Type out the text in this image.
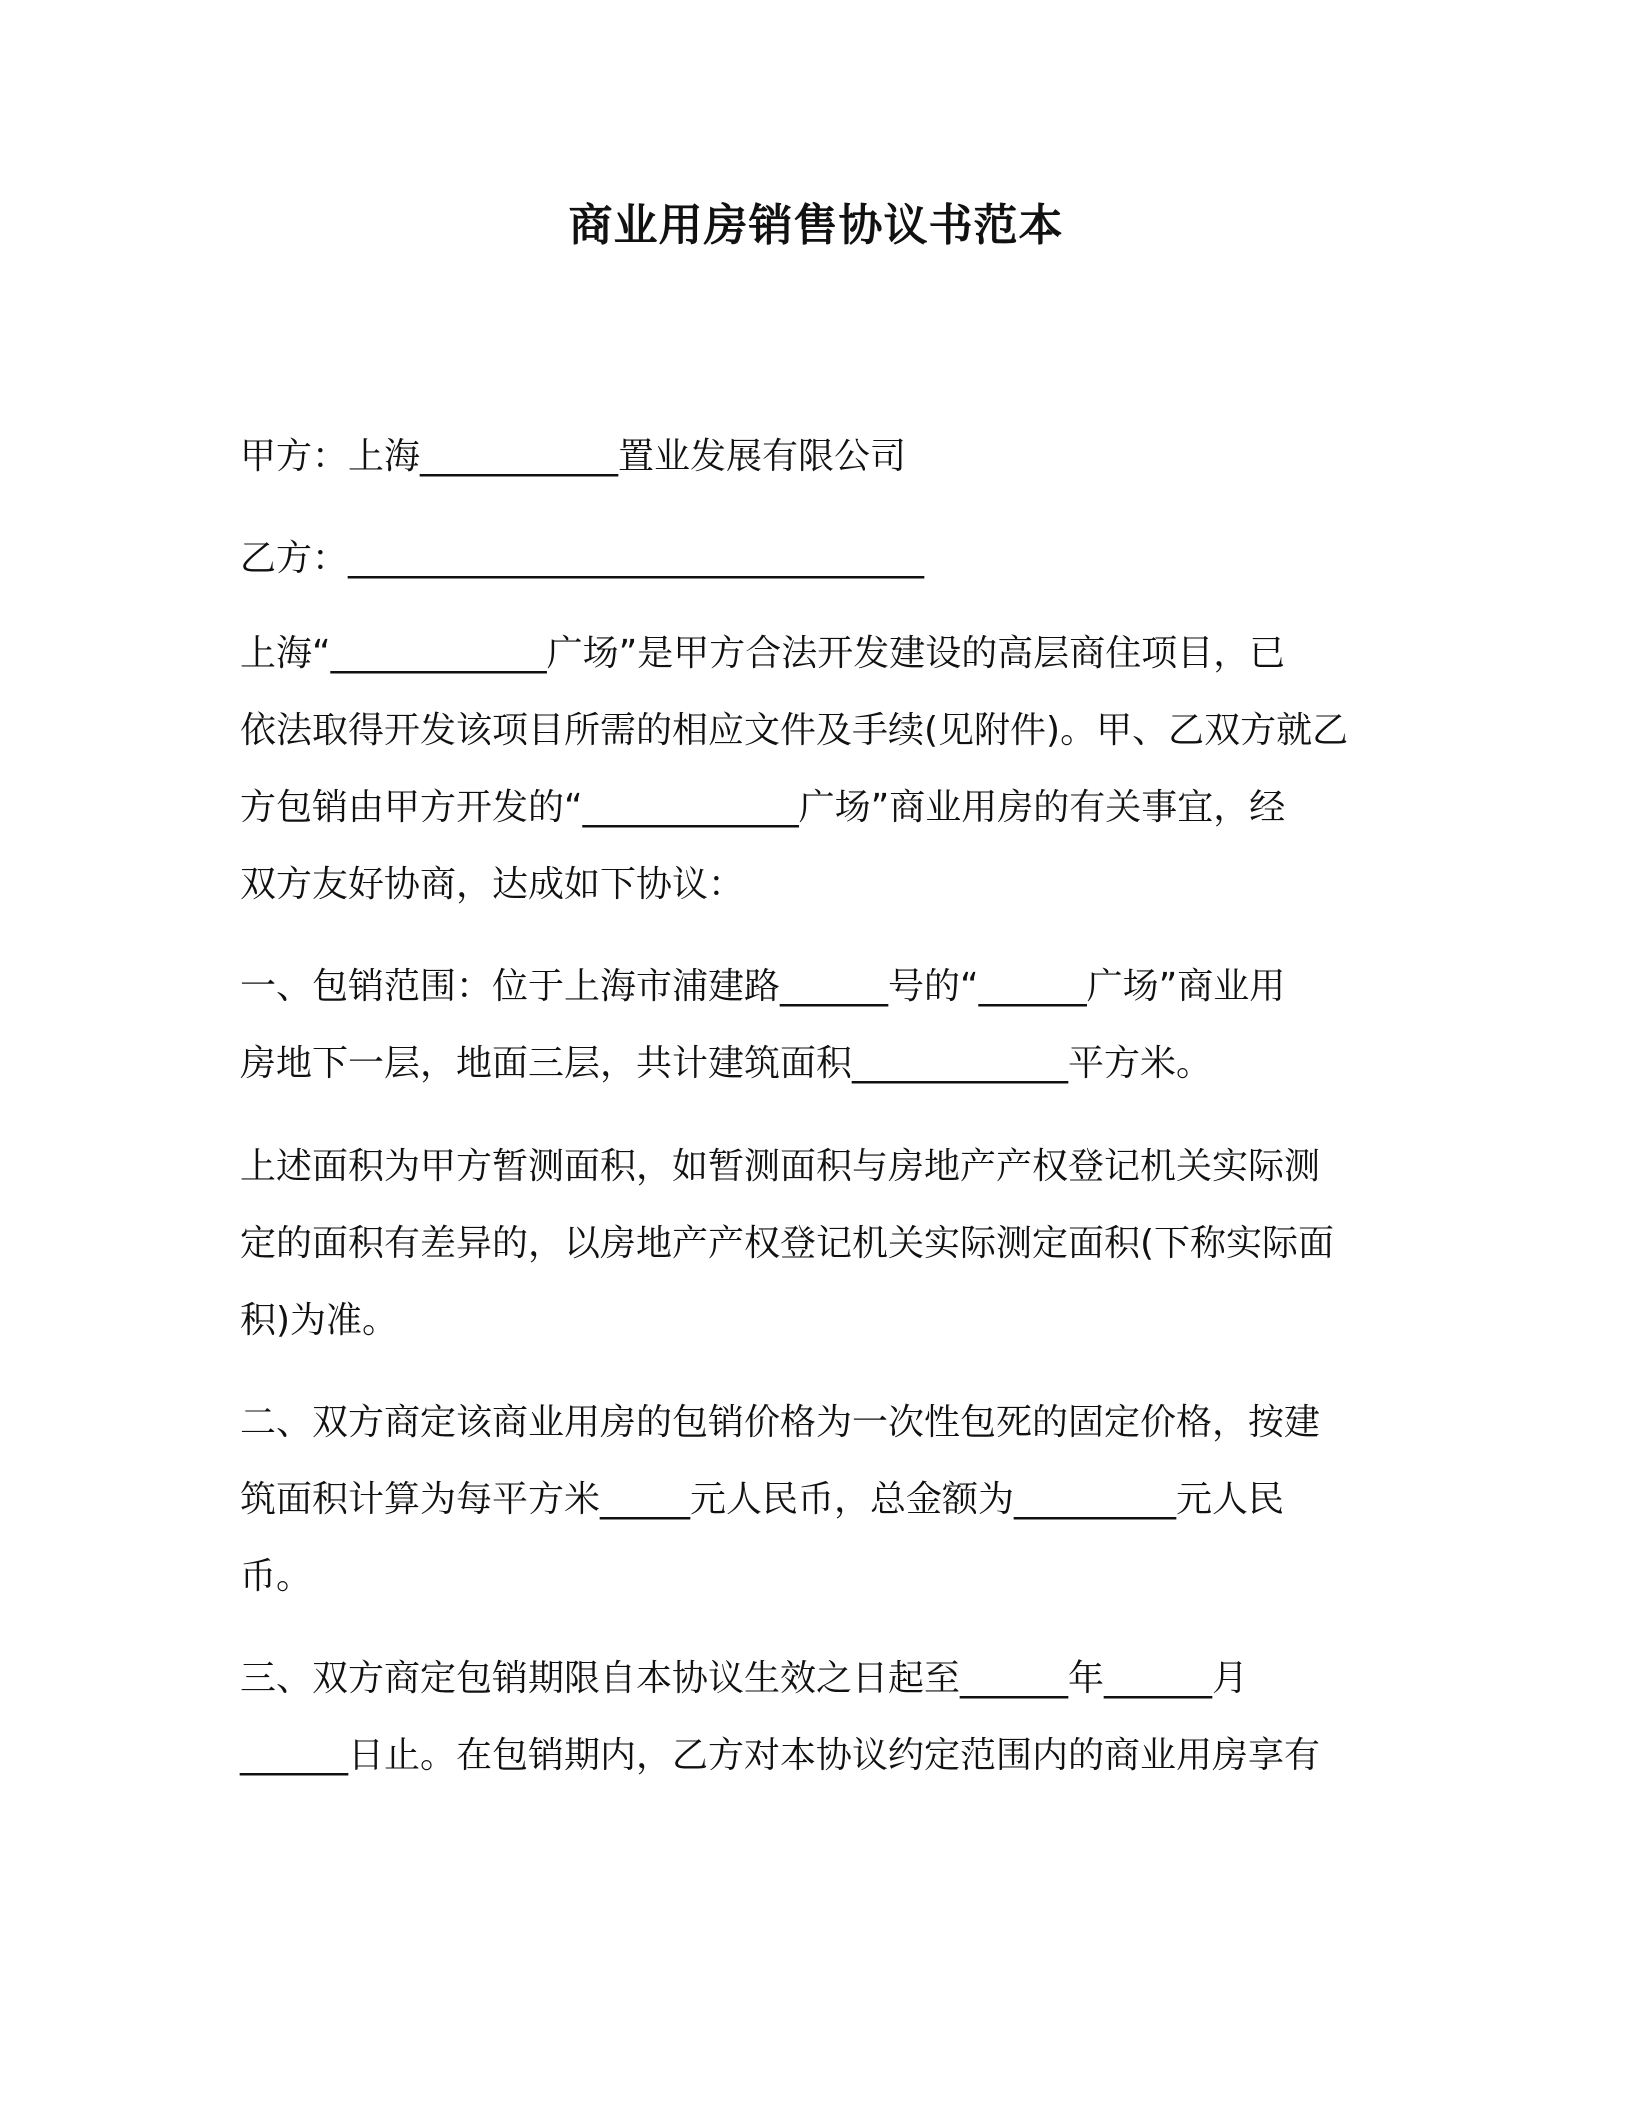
商业用房销售协议书范本
甲方：上海___________置业发展有限公司
乙方：________________________________
上海“____________广场”是甲方合法开发建设的高层商住项目，已
依法取得开发该项目所需的相应文件及手续(见附件)。甲、乙双方就乙
方包销由甲方开发的“____________广场”商业用房的有关事宜，经
双方友好协商，达成如下协议：
一、包销范围：位于上海市浦建路______号的“______广场”商业用
房地下一层，地面三层，共计建筑面积____________平方米。
上述面积为甲方暂测面积，如暂测面积与房地产产权登记机关实际测
定的面积有差异的，以房地产产权登记机关实际测定面积(下称实际面
积)为准。
二、双方商定该商业用房的包销价格为一次性包死的固定价格，按建
筑面积计算为每平方米_____元人民币，总金额为_________元人民
币。
三、双方商定包销期限自本协议生效之日起至______年______月
______日止。在包销期内，乙方对本协议约定范围内的商业用房享有
